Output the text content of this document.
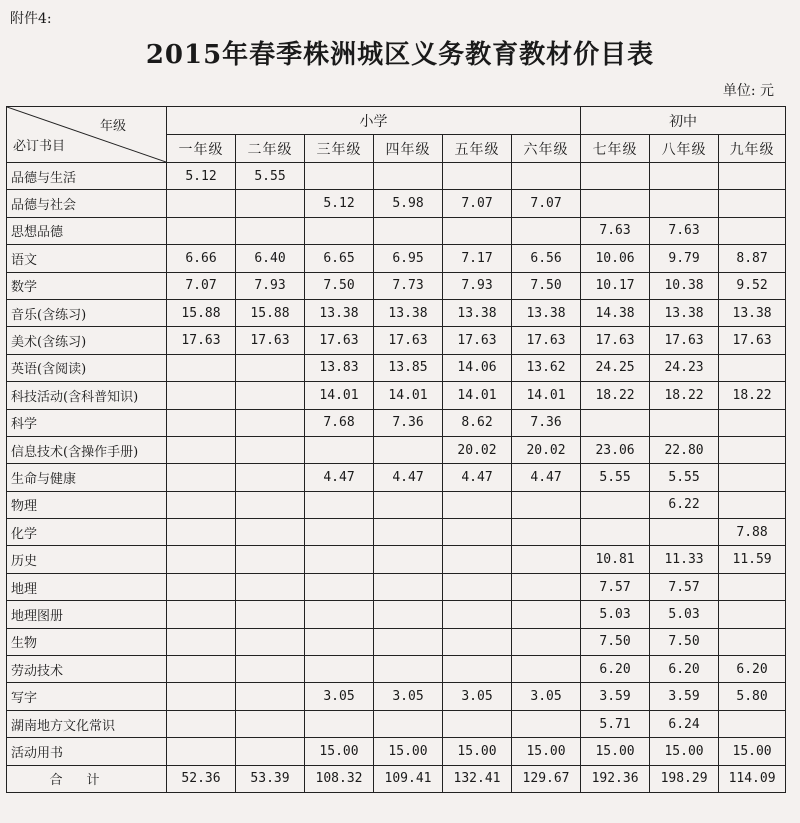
附件4:
2015年春季株洲城区义务教育教材价目表
单位: 元
年级
必订书目	小学						初中		
	一年级	二年级	三年级	四年级	五年级	六年级	七年级	八年级	九年级
品德与生活	5.12	5.55							
品德与社会			5.12	5.98	7.07	7.07			
思想品德							7.63	7.63	
语文	6.66	6.40	6.65	6.95	7.17	6.56	10.06	9.79	8.87
数学	7.07	7.93	7.50	7.73	7.93	7.50	10.17	10.38	9.52
音乐(含练习)	15.88	15.88	13.38	13.38	13.38	13.38	14.38	13.38	13.38
美术(含练习)	17.63	17.63	17.63	17.63	17.63	17.63	17.63	17.63	17.63
英语(含阅读)			13.83	13.85	14.06	13.62	24.25	24.23	
科技活动(含科普知识)			14.01	14.01	14.01	14.01	18.22	18.22	18.22
科学			7.68	7.36	8.62	7.36			
信息技术(含操作手册)					20.02	20.02	23.06	22.80	
生命与健康			4.47	4.47	4.47	4.47	5.55	5.55	
物理								6.22	
化学									7.88
历史							10.81	11.33	11.59
地理							7.57	7.57	
地理图册							5.03	5.03	
生物							7.50	7.50	
劳动技术							6.20	6.20	6.20
写字			3.05	3.05	3.05	3.05	3.59	3.59	5.80
湖南地方文化常识							5.71	6.24	
活动用书			15.00	15.00	15.00	15.00	15.00	15.00	15.00
合计	52.36	53.39	108.32	109.41	132.41	129.67	192.36	198.29	114.09
